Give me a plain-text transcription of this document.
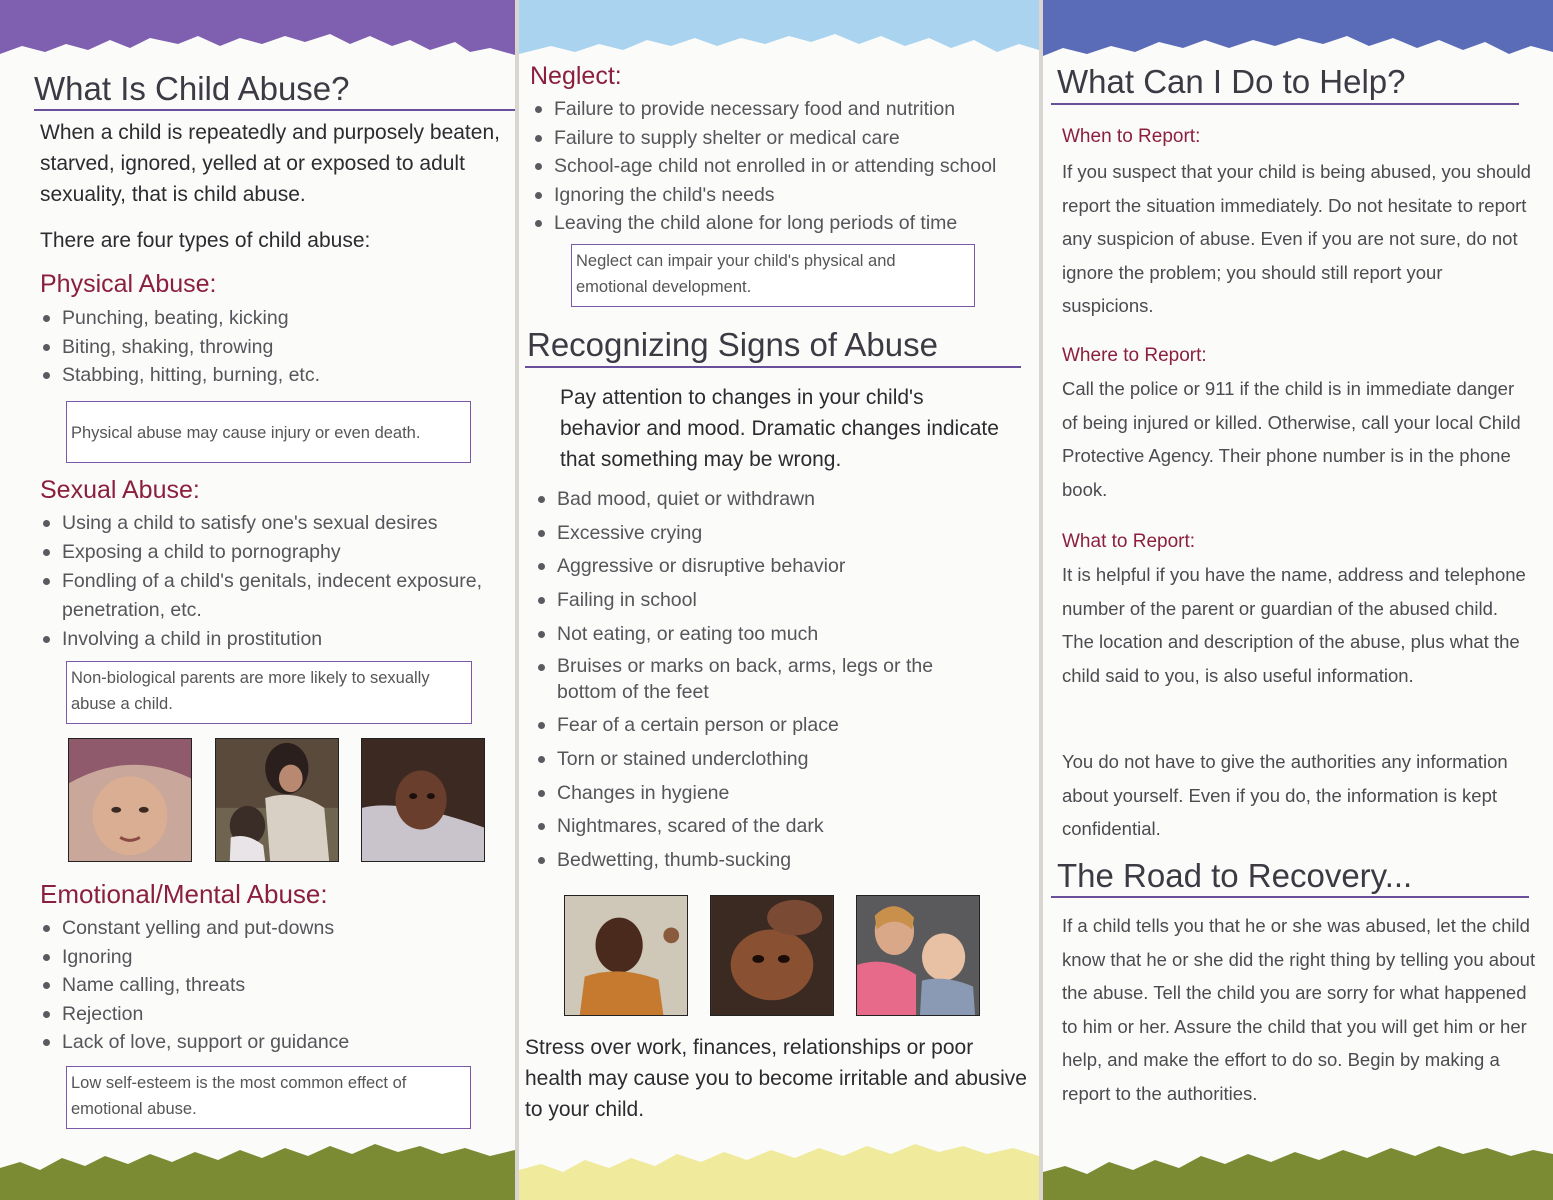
What Is Child Abuse?
When a child is repeatedly and purposely beaten, starved, ignored, yelled at or exposed to adult sexuality, that is child abuse.
There are four types of child abuse:
Physical Abuse:
Punching, beating, kicking
Biting, shaking, throwing
Stabbing, hitting, burning, etc.
Physical abuse may cause injury or even death.
Sexual Abuse:
Using a child to satisfy one's sexual desires
Exposing a child to pornography
Fondling of a child's genitals, indecent exposure, penetration, etc.
Involving a child in prostitution
Non-biological parents are more likely to sexually abuse a child.
Emotional/Mental Abuse:
Constant yelling and put-downs
Ignoring
Name calling, threats
Rejection
Lack of love, support or guidance
Low self-esteem is the most common effect of emotional abuse.
Neglect:
Failure to provide necessary food and nutrition
Failure to supply shelter or medical care
School-age child not enrolled in or attending school
Ignoring the child's needs
Leaving the child alone for long periods of time
Neglect can impair your child's physical and emotional development.
Recognizing Signs of Abuse
Pay attention to changes in your child's behavior and mood. Dramatic changes indicate that something may be wrong.
Bad mood, quiet or withdrawn
Excessive crying
Aggressive or disruptive behavior
Failing in school
Not eating, or eating too much
Bruises or marks on back, arms, legs or the bottom of the feet
Fear of a certain person or place
Torn or stained underclothing
Changes in hygiene
Nightmares, scared of the dark
Bedwetting, thumb-sucking
Stress over work, finances, relationships or poor health may cause you to become irritable and abusive to your child.
What Can I Do to Help?
When to Report:
If you suspect that your child is being abused, you should report the situation immediately. Do not hesitate to report any suspicion of abuse. Even if you are not sure, do not ignore the problem; you should still report your suspicions.
Where to Report:
Call the police or 911 if the child is in immediate danger of being injured or killed. Otherwise, call your local Child Protective Agency. Their phone number is in the phone book.
What to Report:
It is helpful if you have the name, address and telephone number of the parent or guardian of the abused child. The location and description of the abuse, plus what the child said to you, is also useful information.
You do not have to give the authorities any information about yourself. Even if you do, the information is kept confidential.
The Road to Recovery...
If a child tells you that he or she was abused, let the child know that he or she did the right thing by telling you about the abuse. Tell the child you are sorry for what happened to him or her. Assure the child that you will get him or her help, and make the effort to do so. Begin by making a report to the authorities.
